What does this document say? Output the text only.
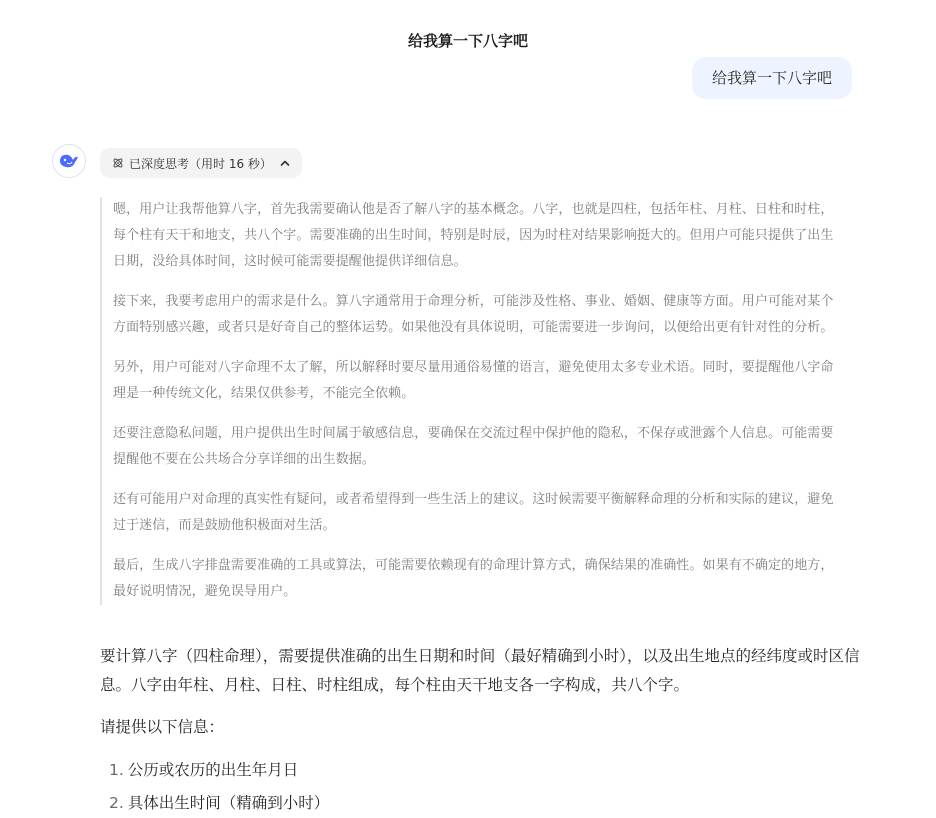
给我算一下八字吧
给我算一下八字吧
已深度思考（用时 16 秒）

嗯，用户让我帮他算八字，首先我需要确认他是否了解八字的基本概念。八字，也就是四柱，包括年柱、月柱、日柱和时柱，每个柱有天干和地支，共八个字。需要准确的出生时间，特别是时辰，因为时柱对结果影响挺大的。但用户可能只提供了出生日期，没给具体时间，这时候可能需要提醒他提供详细信息。

接下来，我要考虑用户的需求是什么。算八字通常用于命理分析，可能涉及性格、事业、婚姻、健康等方面。用户可能对某个方面特别感兴趣，或者只是好奇自己的整体运势。如果他没有具体说明，可能需要进一步询问，以便给出更有针对性的分析。

另外，用户可能对八字命理不太了解，所以解释时要尽量用通俗易懂的语言，避免使用太多专业术语。同时，要提醒他八字命理是一种传统文化，结果仅供参考，不能完全依赖。

还要注意隐私问题，用户提供出生时间属于敏感信息，要确保在交流过程中保护他的隐私，不保存或泄露个人信息。可能需要提醒他不要在公共场合分享详细的出生数据。

还有可能用户对命理的真实性有疑问，或者希望得到一些生活上的建议。这时候需要平衡解释命理的分析和实际的建议，避免过于迷信，而是鼓励他积极面对生活。

最后，生成八字排盘需要准确的工具或算法，可能需要依赖现有的命理计算方式，确保结果的准确性。如果有不确定的地方，最好说明情况，避免误导用户。

要计算八字（四柱命理），需要提供准确的出生日期和时间（最好精确到小时），以及出生地点的经纬度或时区信息。八字由年柱、月柱、日柱、时柱组成，每个柱由天干地支各一字构成，共八个字。

请提供以下信息：

1. 公历或农历的出生年月日
2. 具体出生时间（精确到小时）
